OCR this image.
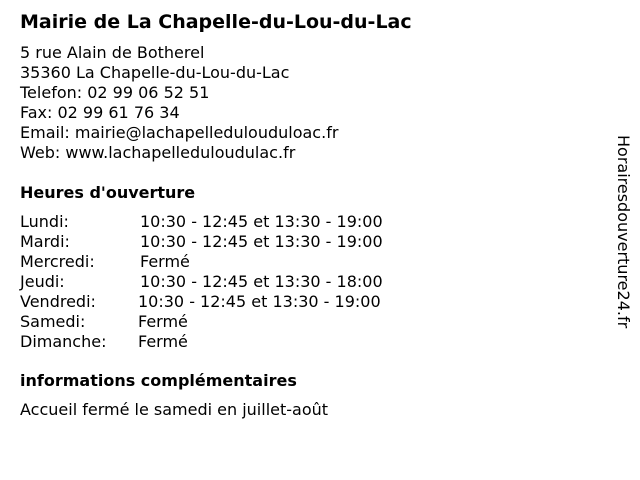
Mairie de La Chapelle-du-Lou-du-Lac
5 rue Alain de Botherel
35360 La Chapelle-du-Lou-du-Lac
Telefon: 02 99 06 52 51
Fax: 02 99 61 76 34
Email: mairie@lachapelledulouduloac.fr
Web: www.lachapelleduloudulac.fr
Heures d'ouverture
Lundi:	10:30 - 12:45 et 13:30 - 19:00
Mardi:	10:30 - 12:45 et 13:30 - 19:00
Mercredi:	Fermé
Jeudi:	10:30 - 12:45 et 13:30 - 18:00
Vendredi:	10:30 - 12:45 et 13:30 - 19:00
Samedi:	Fermé
Dimanche: Fermé
informations complémentaires
Accueil fermé le samedi en juillet-août
Horairesdouverture24.fr
